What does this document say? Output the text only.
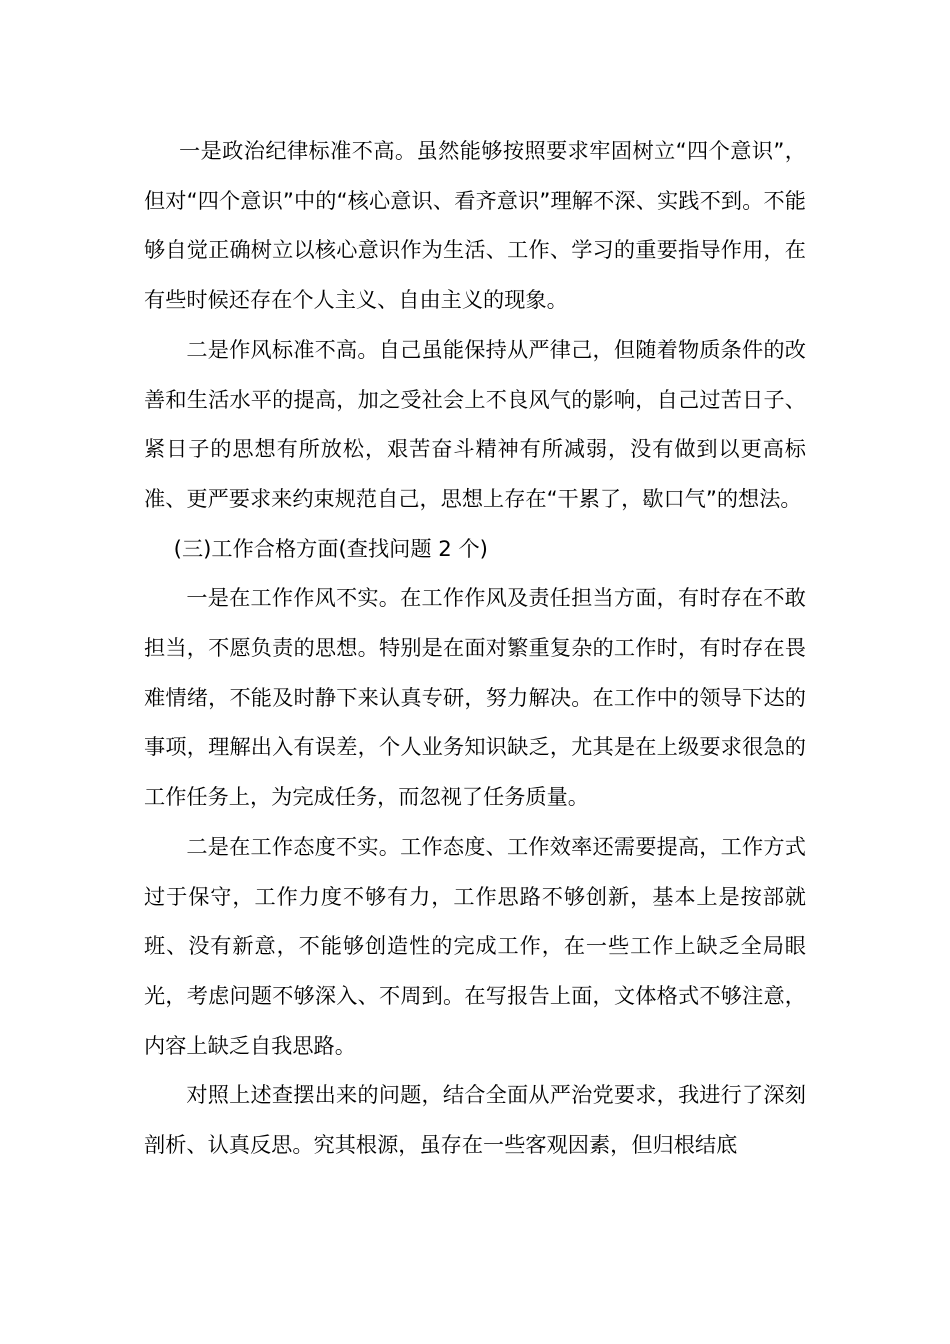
一是政治纪律标准不高。虽然能够按照要求牢固树立“四个意识”，但对“四个意识”中的“核心意识、看齐意识”理解不深、实践不到。不能够自觉正确树立以核心意识作为生活、工作、学习的重要指导作用，在有些时候还存在个人主义、自由主义的现象。

二是作风标准不高。自己虽能保持从严律己，但随着物质条件的改善和生活水平的提高，加之受社会上不良风气的影响，自己过苦日子、紧日子的思想有所放松，艰苦奋斗精神有所减弱，没有做到以更高标准、更严要求来约束规范自己，思想上存在“干累了，歇口气”的想法。

(三)工作合格方面(查找问题 2 个)

一是在工作作风不实。在工作作风及责任担当方面，有时存在不敢担当，不愿负责的思想。特别是在面对繁重复杂的工作时，有时存在畏难情绪，不能及时静下来认真专研，努力解决。在工作中的领导下达的事项，理解出入有误差，个人业务知识缺乏，尤其是在上级要求很急的工作任务上，为完成任务，而忽视了任务质量。

二是在工作态度不实。工作态度、工作效率还需要提高，工作方式过于保守，工作力度不够有力，工作思路不够创新，基本上是按部就班、没有新意，不能够创造性的完成工作，在一些工作上缺乏全局眼光，考虑问题不够深入、不周到。在写报告上面，文体格式不够注意，内容上缺乏自我思路。

对照上述查摆出来的问题，结合全面从严治党要求，我进行了深刻剖析、认真反思。究其根源，虽存在一些客观因素，但归根结底
